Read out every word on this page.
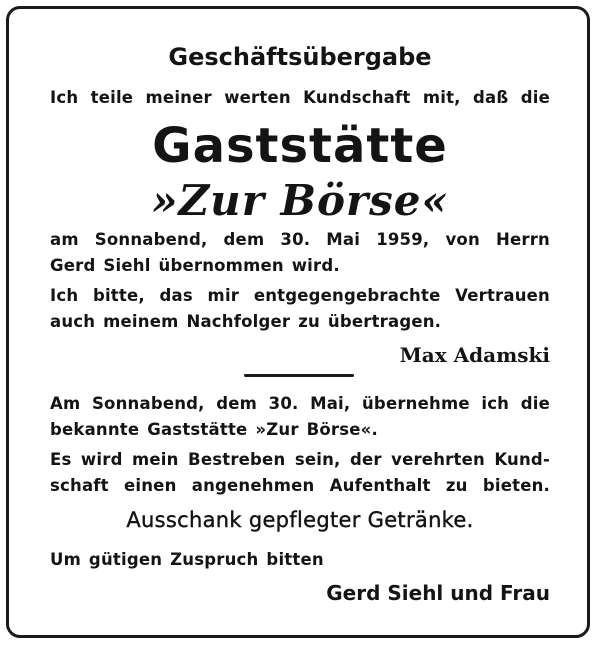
Geschäftsübergabe
Ich teile meiner werten Kundschaft mit, daß die
Gaststätte
»Zur Börse«
am Sonnabend, dem 30. Mai 1959, von Herrn
Gerd Siehl übernommen wird.
Ich bitte, das mir entgegengebrachte Vertrauen
auch meinem Nachfolger zu übertragen.
Max Adamski
Am Sonnabend, dem 30. Mai, übernehme ich die
bekannte Gaststätte »Zur Börse«.
Es wird mein Bestreben sein, der verehrten Kund-
schaft einen angenehmen Aufenthalt zu bieten.
Ausschank gepflegter Getränke.
Um gütigen Zuspruch bitten
Gerd Siehl und Frau
